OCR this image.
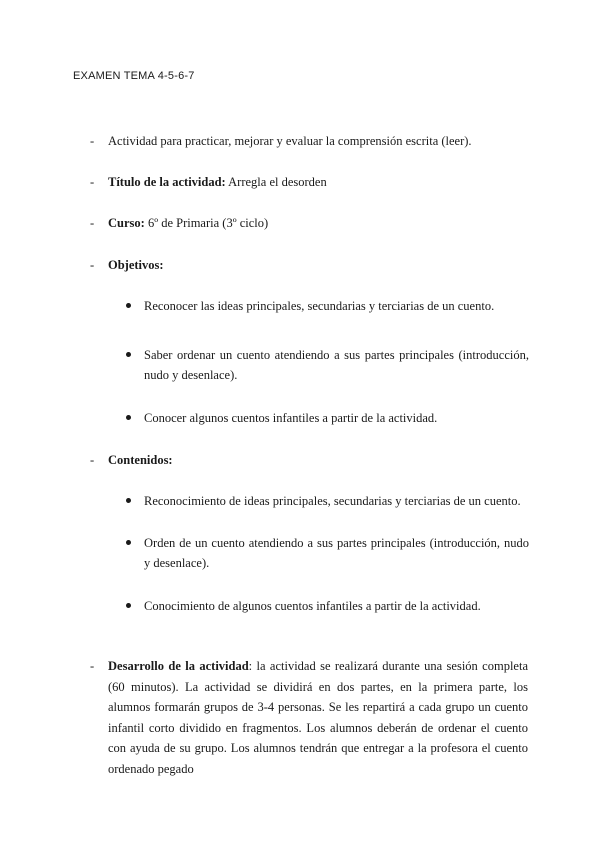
EXAMEN TEMA 4-5-6-7
- Actividad para practicar, mejorar y evaluar la comprensión escrita (leer).
- Título de la actividad: Arregla el desorden
- Curso: 6º de Primaria (3º ciclo)
- Objetivos:
Reconocer las ideas principales, secundarias y terciarias de un cuento.
Saber ordenar un cuento atendiendo a sus partes principales (introducción, nudo y desenlace).
Conocer algunos cuentos infantiles a partir de la actividad.
- Contenidos:
Reconocimiento de ideas principales, secundarias y terciarias de un cuento.
Orden de un cuento atendiendo a sus partes principales (introducción, nudo y desenlace).
Conocimiento de algunos cuentos infantiles a partir de la actividad.
- Desarrollo de la actividad: la actividad se realizará durante una sesión completa (60 minutos). La actividad se dividirá en dos partes, en la primera parte, los alumnos formarán grupos de 3-4 personas. Se les repartirá a cada grupo un cuento infantil corto dividido en fragmentos. Los alumnos deberán de ordenar el cuento con ayuda de su grupo. Los alumnos tendrán que entregar a la profesora el cuento ordenado pegado
